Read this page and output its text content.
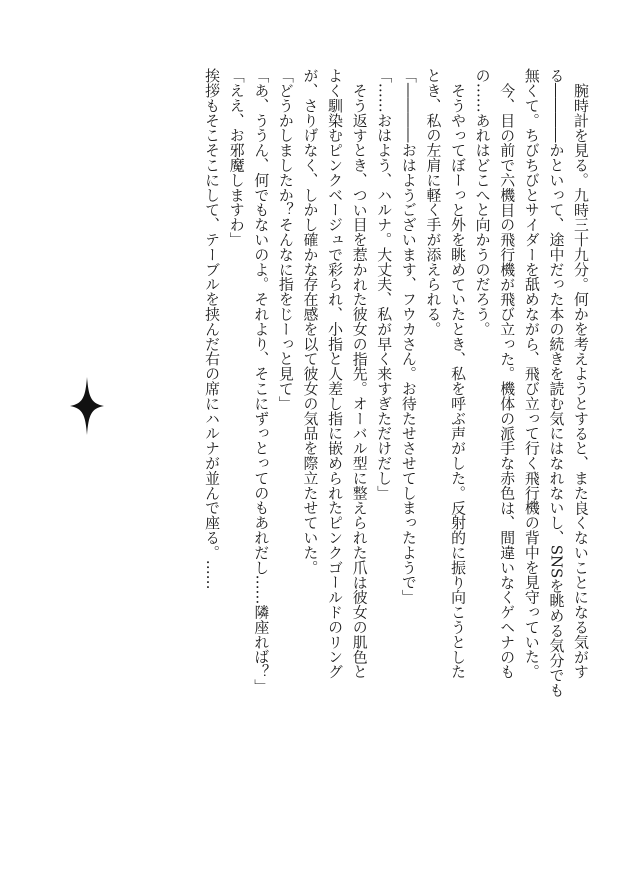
腕時計を見る。九時三十九分。何かを考えようとすると、また良くないことになる気がす
る――――かといって、途中だった本の続きを読む気にはなれないし、SNSを眺める気分でも
無くて。ちびちびとサイダーを舐めながら、飛び立って行く飛行機の背中を見守っていた。
今、目の前で六機目の飛行機が飛び立った。機体の派手な赤色は、間違いなくゲヘナのも
の……あれはどこへと向かうのだろう。
そうやってぼーっと外を眺めていたとき、私を呼ぶ声がした。反射的に振り向こうとした
とき、私の左肩に軽く手が添えられる。
「――――おはようございます、フウカさん。お待たせさせてしまったようで」
「……おはよう、ハルナ。大丈夫、私が早く来すぎただけだし」
そう返すとき、つい目を惹かれた彼女の指先。オーバル型に整えられた爪は彼女の肌色と
よく馴染むピンクベージュで彩られ、小指と人差し指に嵌められたピンクゴールドのリング
が、さりげなく、しかし確かな存在感を以て彼女の気品を際立たせていた。
「どうかしましたか？そんなに指をじーっと見て」
「あ、ううん、何でもないのよ。それより、そこにずっとってのもあれだし……隣座れば？」
「ええ、お邪魔しますわ」
挨拶もそこそこにして、テーブルを挟んだ右の席にハルナが並んで座る。……
